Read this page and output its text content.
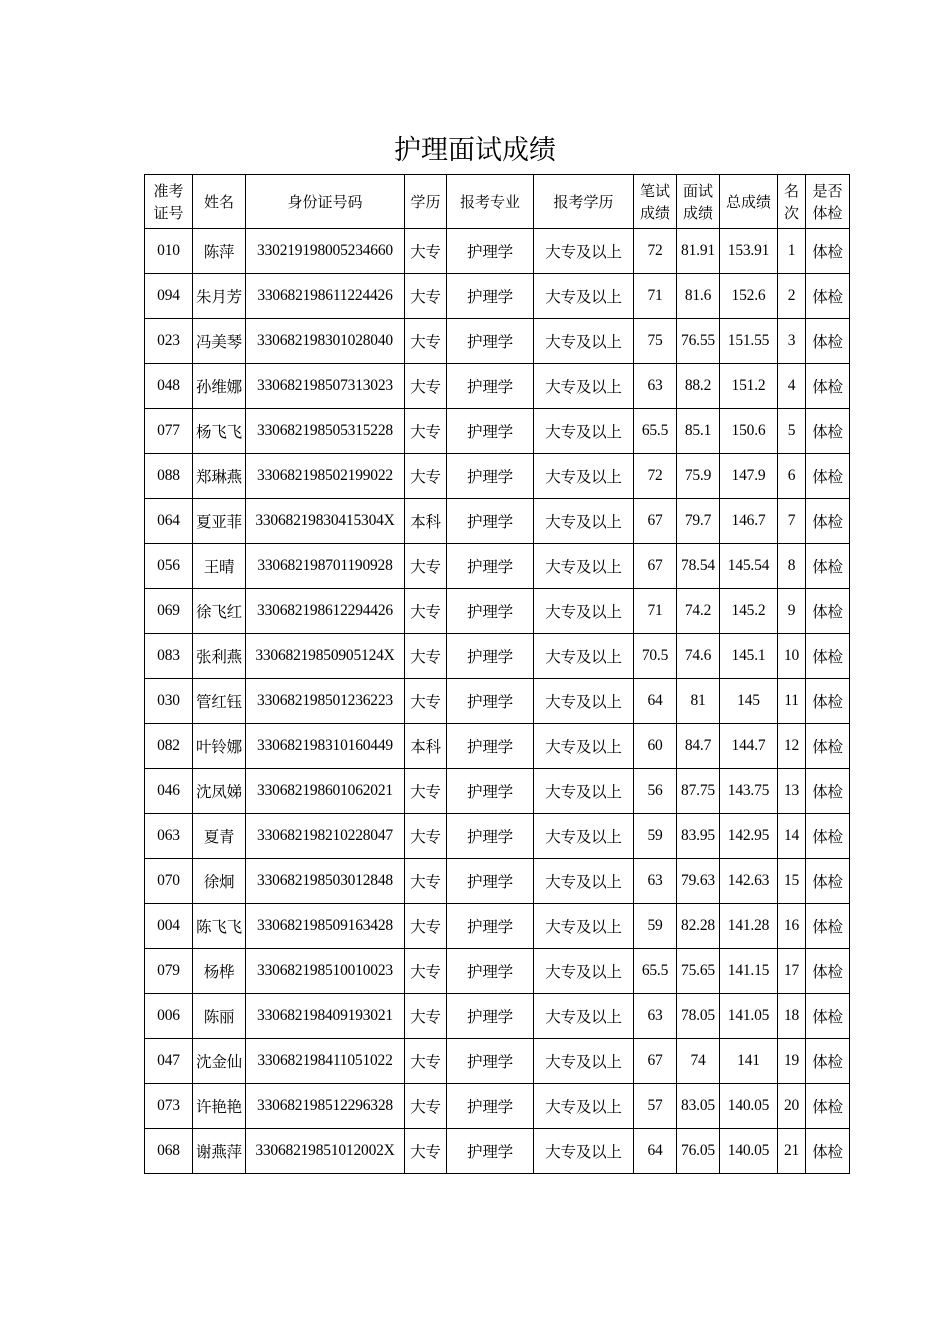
护理面试成绩
准考证号	姓名	身份证号码	学历	报考专业	报考学历	笔试成绩	面试成绩	总成绩	名次	是否体检
010	陈萍	330219198005234660	大专	护理学	大专及以上	72	81.91	153.91	1	体检
094	朱月芳	330682198611224426	大专	护理学	大专及以上	71	81.6	152.6	2	体检
023	冯美琴	330682198301028040	大专	护理学	大专及以上	75	76.55	151.55	3	体检
048	孙维娜	330682198507313023	大专	护理学	大专及以上	63	88.2	151.2	4	体检
077	杨飞飞	330682198505315228	大专	护理学	大专及以上	65.5	85.1	150.6	5	体检
088	郑琳燕	330682198502199022	大专	护理学	大专及以上	72	75.9	147.9	6	体检
064	夏亚菲	33068219830415304X	本科	护理学	大专及以上	67	79.7	146.7	7	体检
056	王晴	330682198701190928	大专	护理学	大专及以上	67	78.54	145.54	8	体检
069	徐飞红	330682198612294426	大专	护理学	大专及以上	71	74.2	145.2	9	体检
083	张利燕	33068219850905124X	大专	护理学	大专及以上	70.5	74.6	145.1	10	体检
030	管红钰	330682198501236223	大专	护理学	大专及以上	64	81	145	11	体检
082	叶铃娜	330682198310160449	本科	护理学	大专及以上	60	84.7	144.7	12	体检
046	沈凤娣	330682198601062021	大专	护理学	大专及以上	56	87.75	143.75	13	体检
063	夏青	330682198210228047	大专	护理学	大专及以上	59	83.95	142.95	14	体检
070	徐炯	330682198503012848	大专	护理学	大专及以上	63	79.63	142.63	15	体检
004	陈飞飞	330682198509163428	大专	护理学	大专及以上	59	82.28	141.28	16	体检
079	杨桦	330682198510010023	大专	护理学	大专及以上	65.5	75.65	141.15	17	体检
006	陈丽	330682198409193021	大专	护理学	大专及以上	63	78.05	141.05	18	体检
047	沈金仙	330682198411051022	大专	护理学	大专及以上	67	74	141	19	体检
073	许艳艳	330682198512296328	大专	护理学	大专及以上	57	83.05	140.05	20	体检
068	谢燕萍	33068219851012002X	大专	护理学	大专及以上	64	76.05	140.05	21	体检
